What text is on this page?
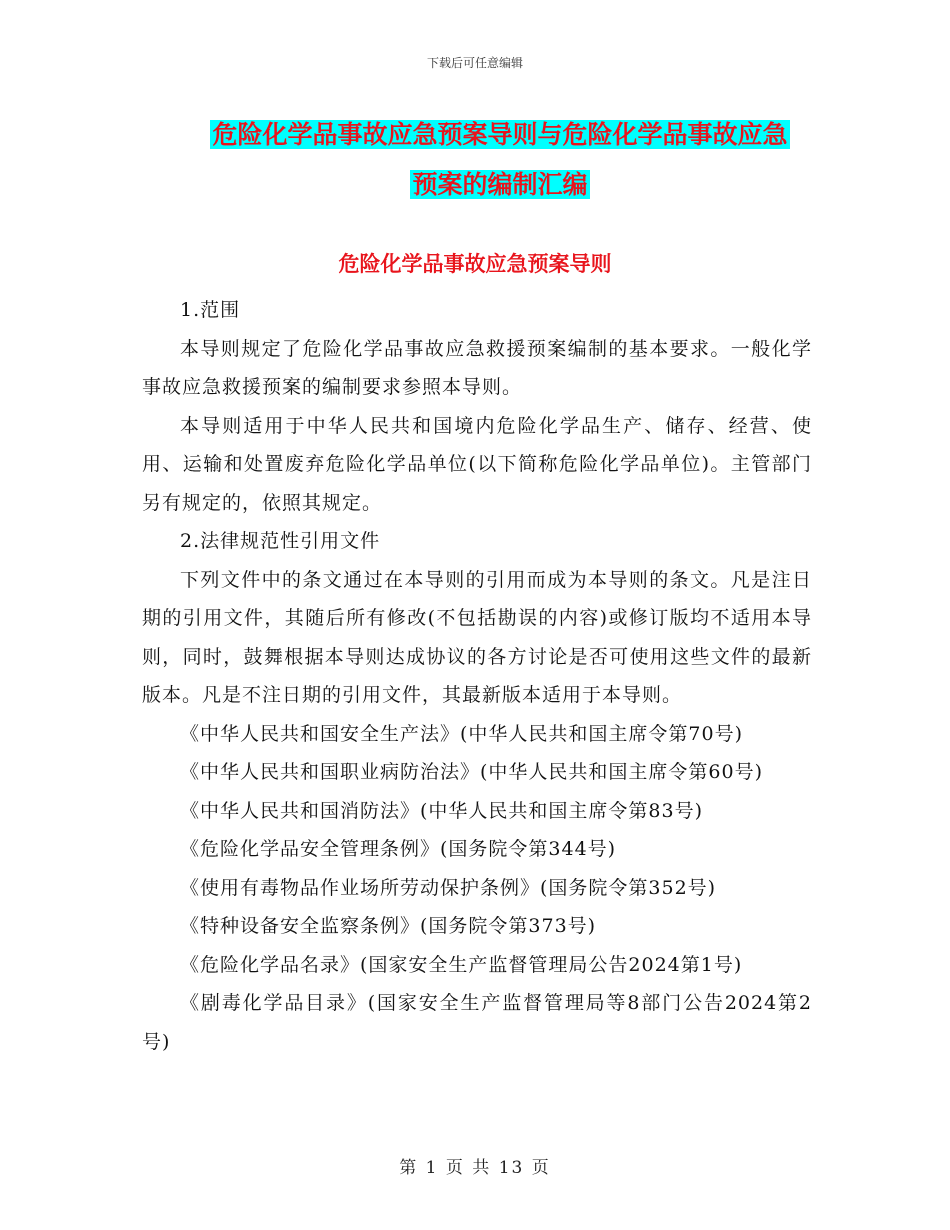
下载后可任意编辑
危险化学品事故应急预案导则与危险化学品事故应急
预案的编制汇编
危险化学品事故应急预案导则

1.范围

本导则规定了危险化学品事故应急救援预案编制的基本要求。一般化学事故应急救援预案的编制要求参照本导则。

本导则适用于中华人民共和国境内危险化学品生产、储存、经营、使用、运输和处置废弃危险化学品单位(以下简称危险化学品单位)。主管部门另有规定的，依照其规定。

2.法律规范性引用文件

下列文件中的条文通过在本导则的引用而成为本导则的条文。凡是注日期的引用文件，其随后所有修改(不包括勘误的内容)或修订版均不适用本导则，同时，鼓舞根据本导则达成协议的各方讨论是否可使用这些文件的最新版本。凡是不注日期的引用文件，其最新版本适用于本导则。

《中华人民共和国安全生产法》(中华人民共和国主席令第70号)

《中华人民共和国职业病防治法》(中华人民共和国主席令第60号)

《中华人民共和国消防法》(中华人民共和国主席令第83号)

《危险化学品安全管理条例》(国务院令第344号)

《使用有毒物品作业场所劳动保护条例》(国务院令第352号)

《特种设备安全监察条例》(国务院令第373号)

《危险化学品名录》(国家安全生产监督管理局公告2024第1号)

《剧毒化学品目录》(国家安全生产监督管理局等8部门公告2024第2号)

第 1 页 共 13 页
